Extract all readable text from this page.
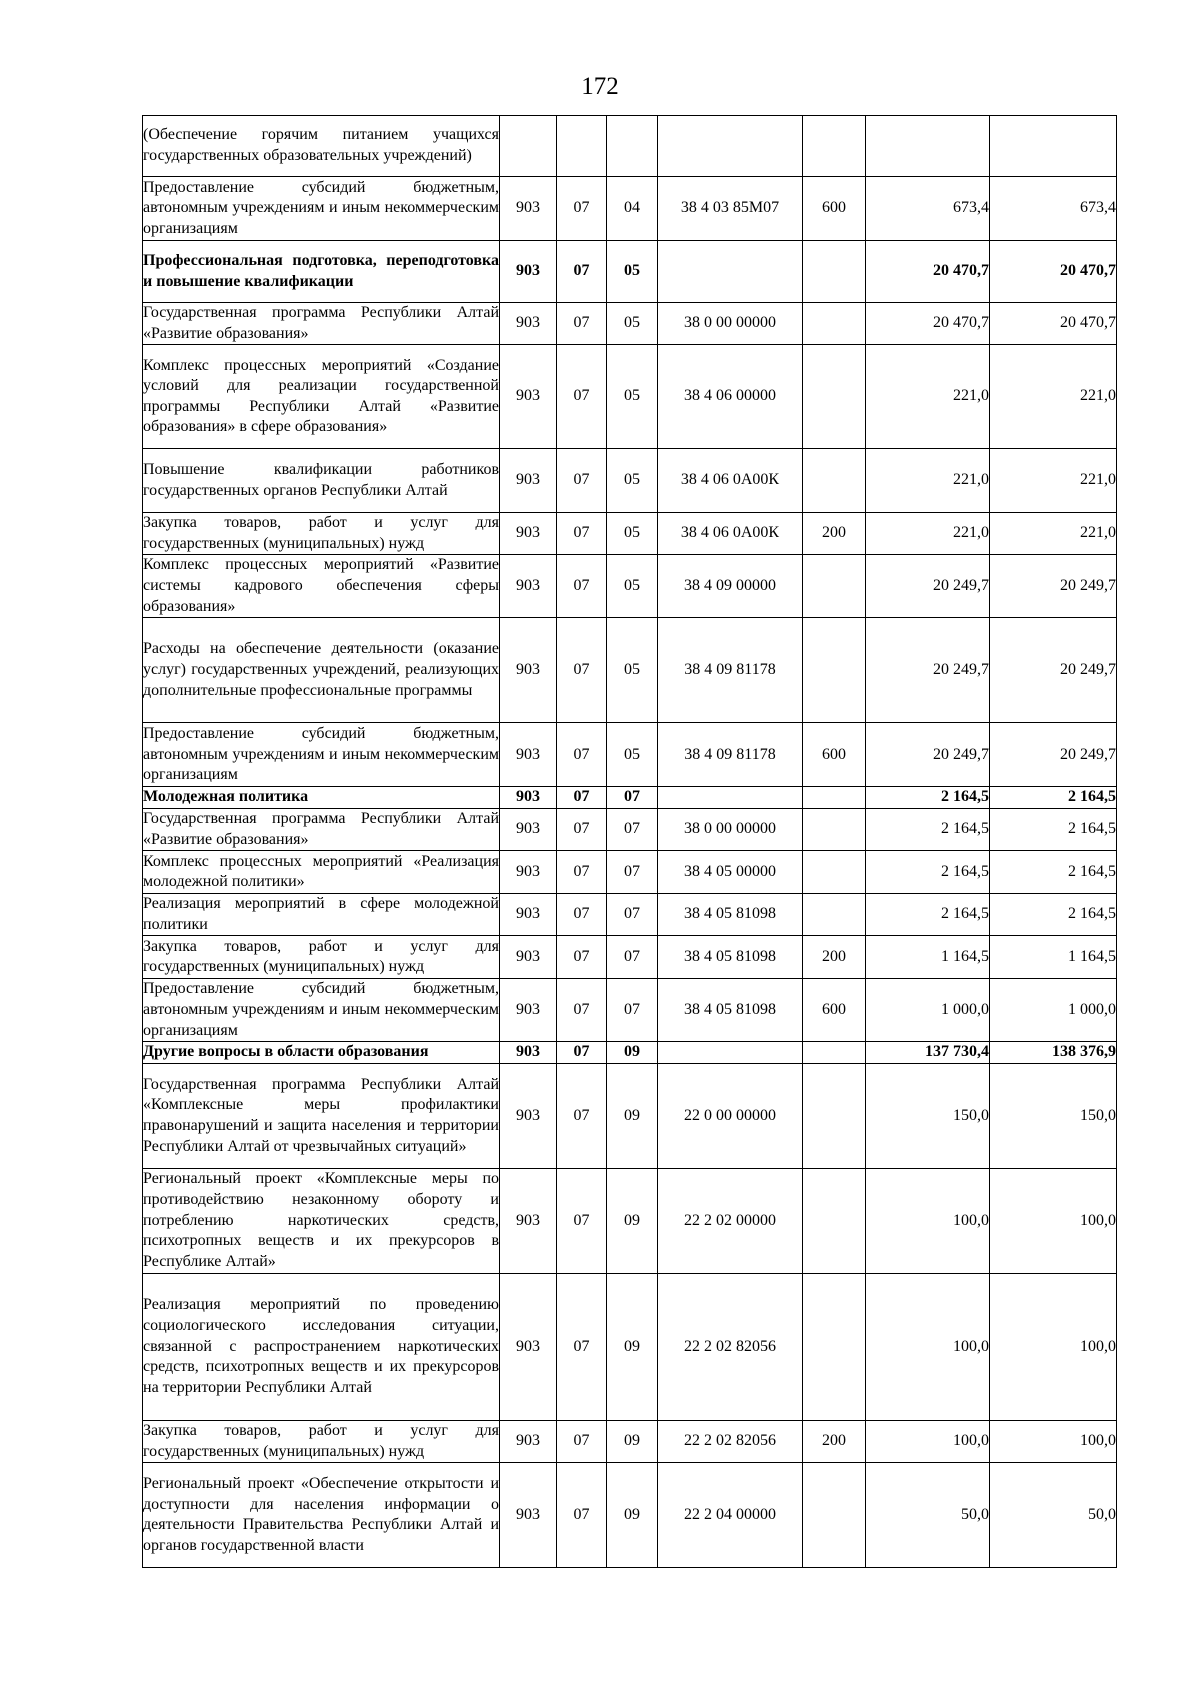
172
(Обеспечение горячим питанием учащихся государственных образовательных учреждений)							
Предоставление субсидий бюджетным, автономным учреждениям и иным некоммерческим организациям	903	07	04	38 4 03 85М07	600	673,4	673,4
Профессиональная подготовка, переподготовка и повышение квалификации	903	07	05			20 470,7	20 470,7
Государственная программа Республики Алтай «Развитие образования»	903	07	05	38 0 00 00000		20 470,7	20 470,7
Комплекс процессных мероприятий «Создание условий для реализации государственной программы Республики Алтай «Развитие образования» в сфере образования»	903	07	05	38 4 06 00000		221,0	221,0
Повышение квалификации работников государственных органов Республики Алтай	903	07	05	38 4 06 0А00К		221,0	221,0
Закупка товаров, работ и услуг для государственных (муниципальных) нужд	903	07	05	38 4 06 0А00К	200	221,0	221,0
Комплекс процессных мероприятий «Развитие системы кадрового обеспечения сферы образования»	903	07	05	38 4 09 00000		20 249,7	20 249,7
Расходы на обеспечение деятельности (оказание услуг) государственных учреждений, реализующих дополнительные профессиональные программы	903	07	05	38 4 09 81178		20 249,7	20 249,7
Предоставление субсидий бюджетным, автономным учреждениям и иным некоммерческим организациям	903	07	05	38 4 09 81178	600	20 249,7	20 249,7
Молодежная политика	903	07	07			2 164,5	2 164,5
Государственная программа Республики Алтай «Развитие образования»	903	07	07	38 0 00 00000		2 164,5	2 164,5
Комплекс процессных мероприятий «Реализация молодежной политики»	903	07	07	38 4 05 00000		2 164,5	2 164,5
Реализация мероприятий в сфере молодежной политики	903	07	07	38 4 05 81098		2 164,5	2 164,5
Закупка товаров, работ и услуг для государственных (муниципальных) нужд	903	07	07	38 4 05 81098	200	1 164,5	1 164,5
Предоставление субсидий бюджетным, автономным учреждениям и иным некоммерческим организациям	903	07	07	38 4 05 81098	600	1 000,0	1 000,0
Другие вопросы в области образования	903	07	09			137 730,4	138 376,9
Государственная программа Республики Алтай «Комплексные меры профилактики правонарушений и защита населения и территории Республики Алтай от чрезвычайных ситуаций»	903	07	09	22 0 00 00000		150,0	150,0
Региональный проект «Комплексные меры по противодействию незаконному обороту и потреблению наркотических средств, психотропных веществ и их прекурсоров в Республике Алтай»	903	07	09	22 2 02 00000		100,0	100,0
Реализация мероприятий по проведению социологического исследования ситуации, связанной с распространением наркотических средств, психотропных веществ и их прекурсоров на территории Республики Алтай	903	07	09	22 2 02 82056		100,0	100,0
Закупка товаров, работ и услуг для государственных (муниципальных) нужд	903	07	09	22 2 02 82056	200	100,0	100,0
Региональный проект «Обеспечение открытости и доступности для населения информации о деятельности Правительства Республики Алтай и органов государственной власти	903	07	09	22 2 04 00000		50,0	50,0
